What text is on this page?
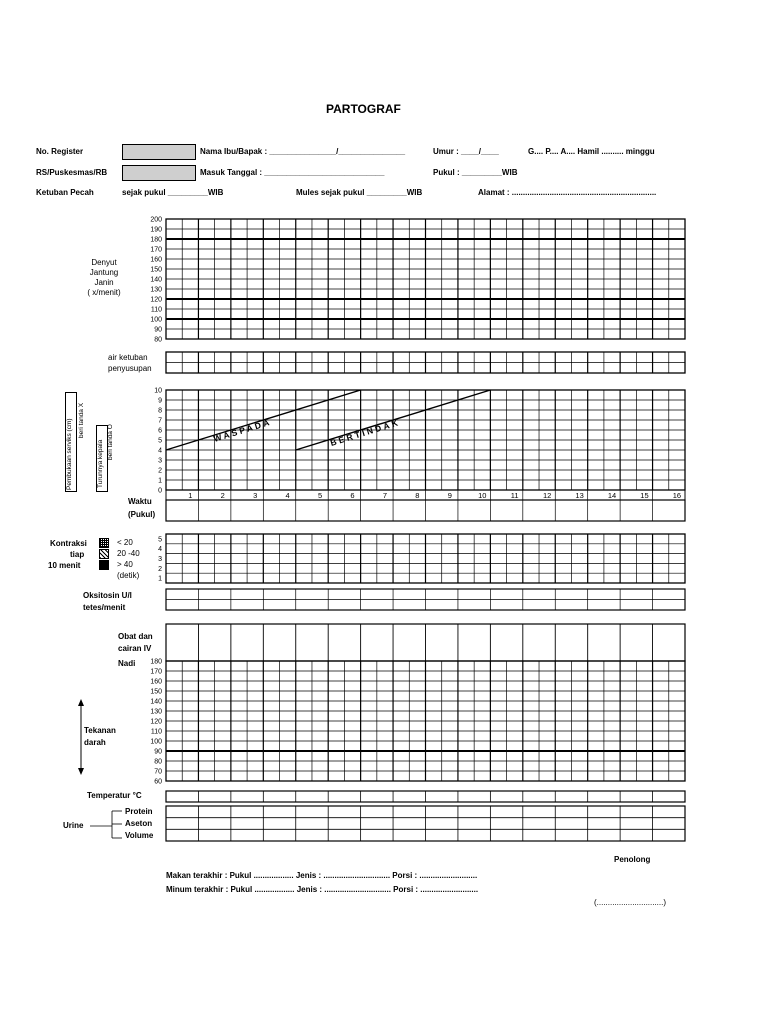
PARTOGRAF
No. Register	Nama Ibu/Bapak : _______________/_______________	Umur : ____/____	G.... P.... A.... Hamil .......... minggu
RS/Puskesmas/RB	Masuk Tanggal : ___________________________	Pukul : _________WIB
Ketuban Pecah	sejak pukul _________WIB	Mules sejak pukul _________WIB	Alamat : .................................................................
200
190
180
170
160
150
140
130
120
110
100
90
80
10
9
8
7
6
5
4
3
2
1
0
WASPADA	BERTINDAK
1	2	3	4	5	6	7	8	9	10	11	12	13	14	15	16
5
4
3
2
1
180
170
160
150
140
130
120
110
100
90
80
70
60
Denyut
Jantung
Janin
( x/menit)
air ketuban
penyusupan
Pembukaan serviks (cm) beri tanda X
Turunnya kepala beri tanda O
Waktu
(Pukul)
Kontraksi
tiap
10 menit
< 20
20 -40
> 40
(detik)
Oksitosin U/l
tetes/menit
Obat dan
cairan IV
Nadi
Tekanan
darah
Temperatur °C
Urine
Protein
Aseton
Volume
Penolong
Makan terakhir : Pukul .................. Jenis : .............................. Porsi : ..........................
Minum terakhir : Pukul .................. Jenis : .............................. Porsi : ..........................
(..............................)
